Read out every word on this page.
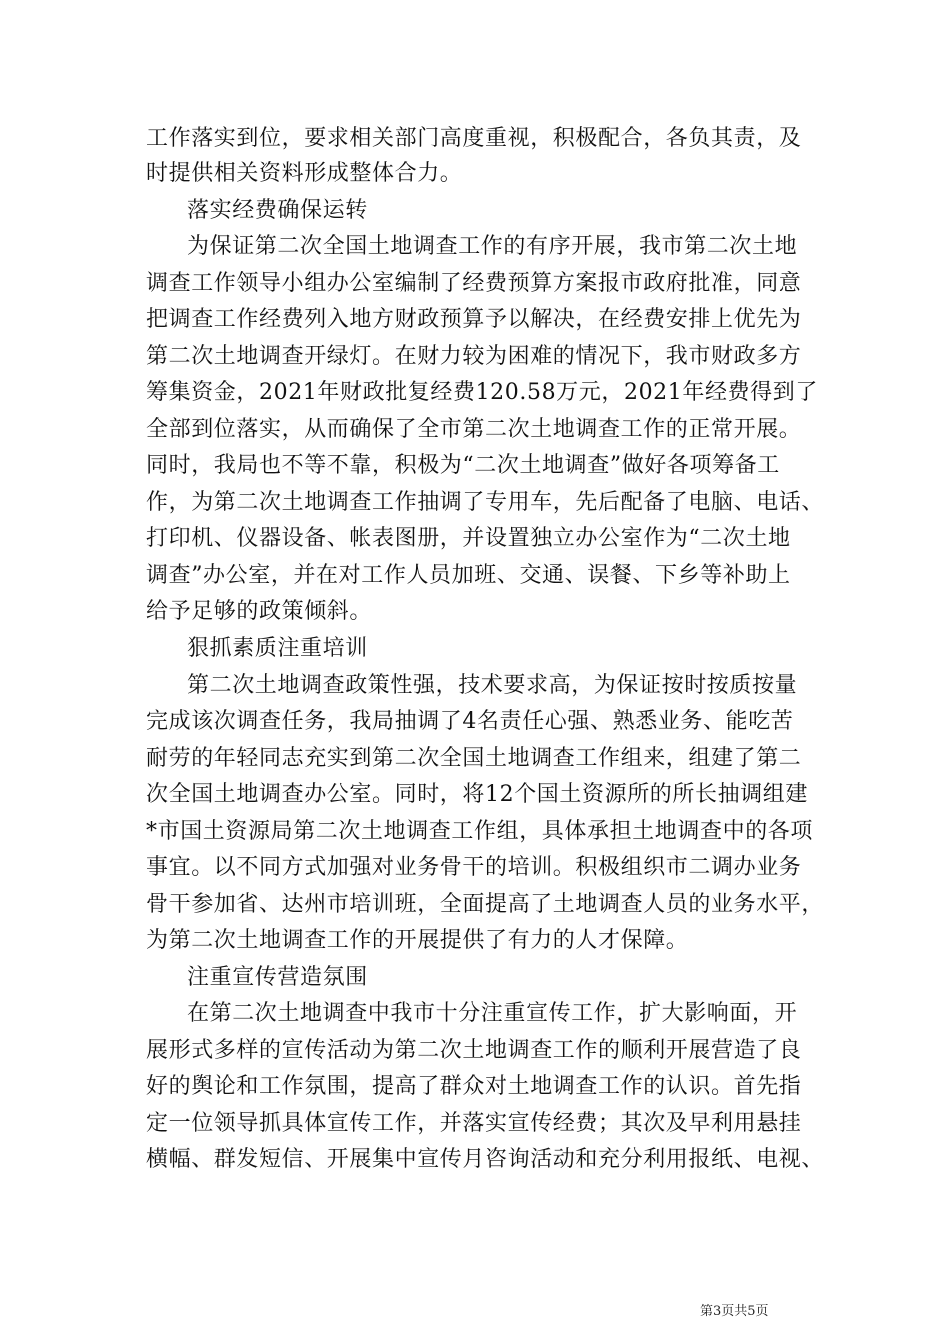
工作落实到位，要求相关部门高度重视，积极配合，各负其责，及
时提供相关资料形成整体合力。
落实经费确保运转
为保证第二次全国土地调查工作的有序开展，我市第二次土地
调查工作领导小组办公室编制了经费预算方案报市政府批准，同意
把调查工作经费列入地方财政预算予以解决，在经费安排上优先为
第二次土地调查开绿灯。在财力较为困难的情况下，我市财政多方
筹集资金，2021年财政批复经费120.58万元，2021年经费得到了
全部到位落实，从而确保了全市第二次土地调查工作的正常开展。
同时，我局也不等不靠，积极为“二次土地调查”做好各项筹备工
作，为第二次土地调查工作抽调了专用车，先后配备了电脑、电话、
打印机、仪器设备、帐表图册，并设置独立办公室作为“二次土地
调查”办公室，并在对工作人员加班、交通、误餐、下乡等补助上
给予足够的政策倾斜。
狠抓素质注重培训
第二次土地调查政策性强，技术要求高，为保证按时按质按量
完成该次调查任务，我局抽调了4名责任心强、熟悉业务、能吃苦
耐劳的年轻同志充实到第二次全国土地调查工作组来，组建了第二
次全国土地调查办公室。同时，将12个国土资源所的所长抽调组建
*市国土资源局第二次土地调查工作组，具体承担土地调查中的各项
事宜。以不同方式加强对业务骨干的培训。积极组织市二调办业务
骨干参加省、达州市培训班，全面提高了土地调查人员的业务水平，
为第二次土地调查工作的开展提供了有力的人才保障。
注重宣传营造氛围
在第二次土地调查中我市十分注重宣传工作，扩大影响面，开
展形式多样的宣传活动为第二次土地调查工作的顺利开展营造了良
好的舆论和工作氛围，提高了群众对土地调查工作的认识。首先指
定一位领导抓具体宣传工作，并落实宣传经费；其次及早利用悬挂
横幅、群发短信、开展集中宣传月咨询活动和充分利用报纸、电视、
第3页共5页
